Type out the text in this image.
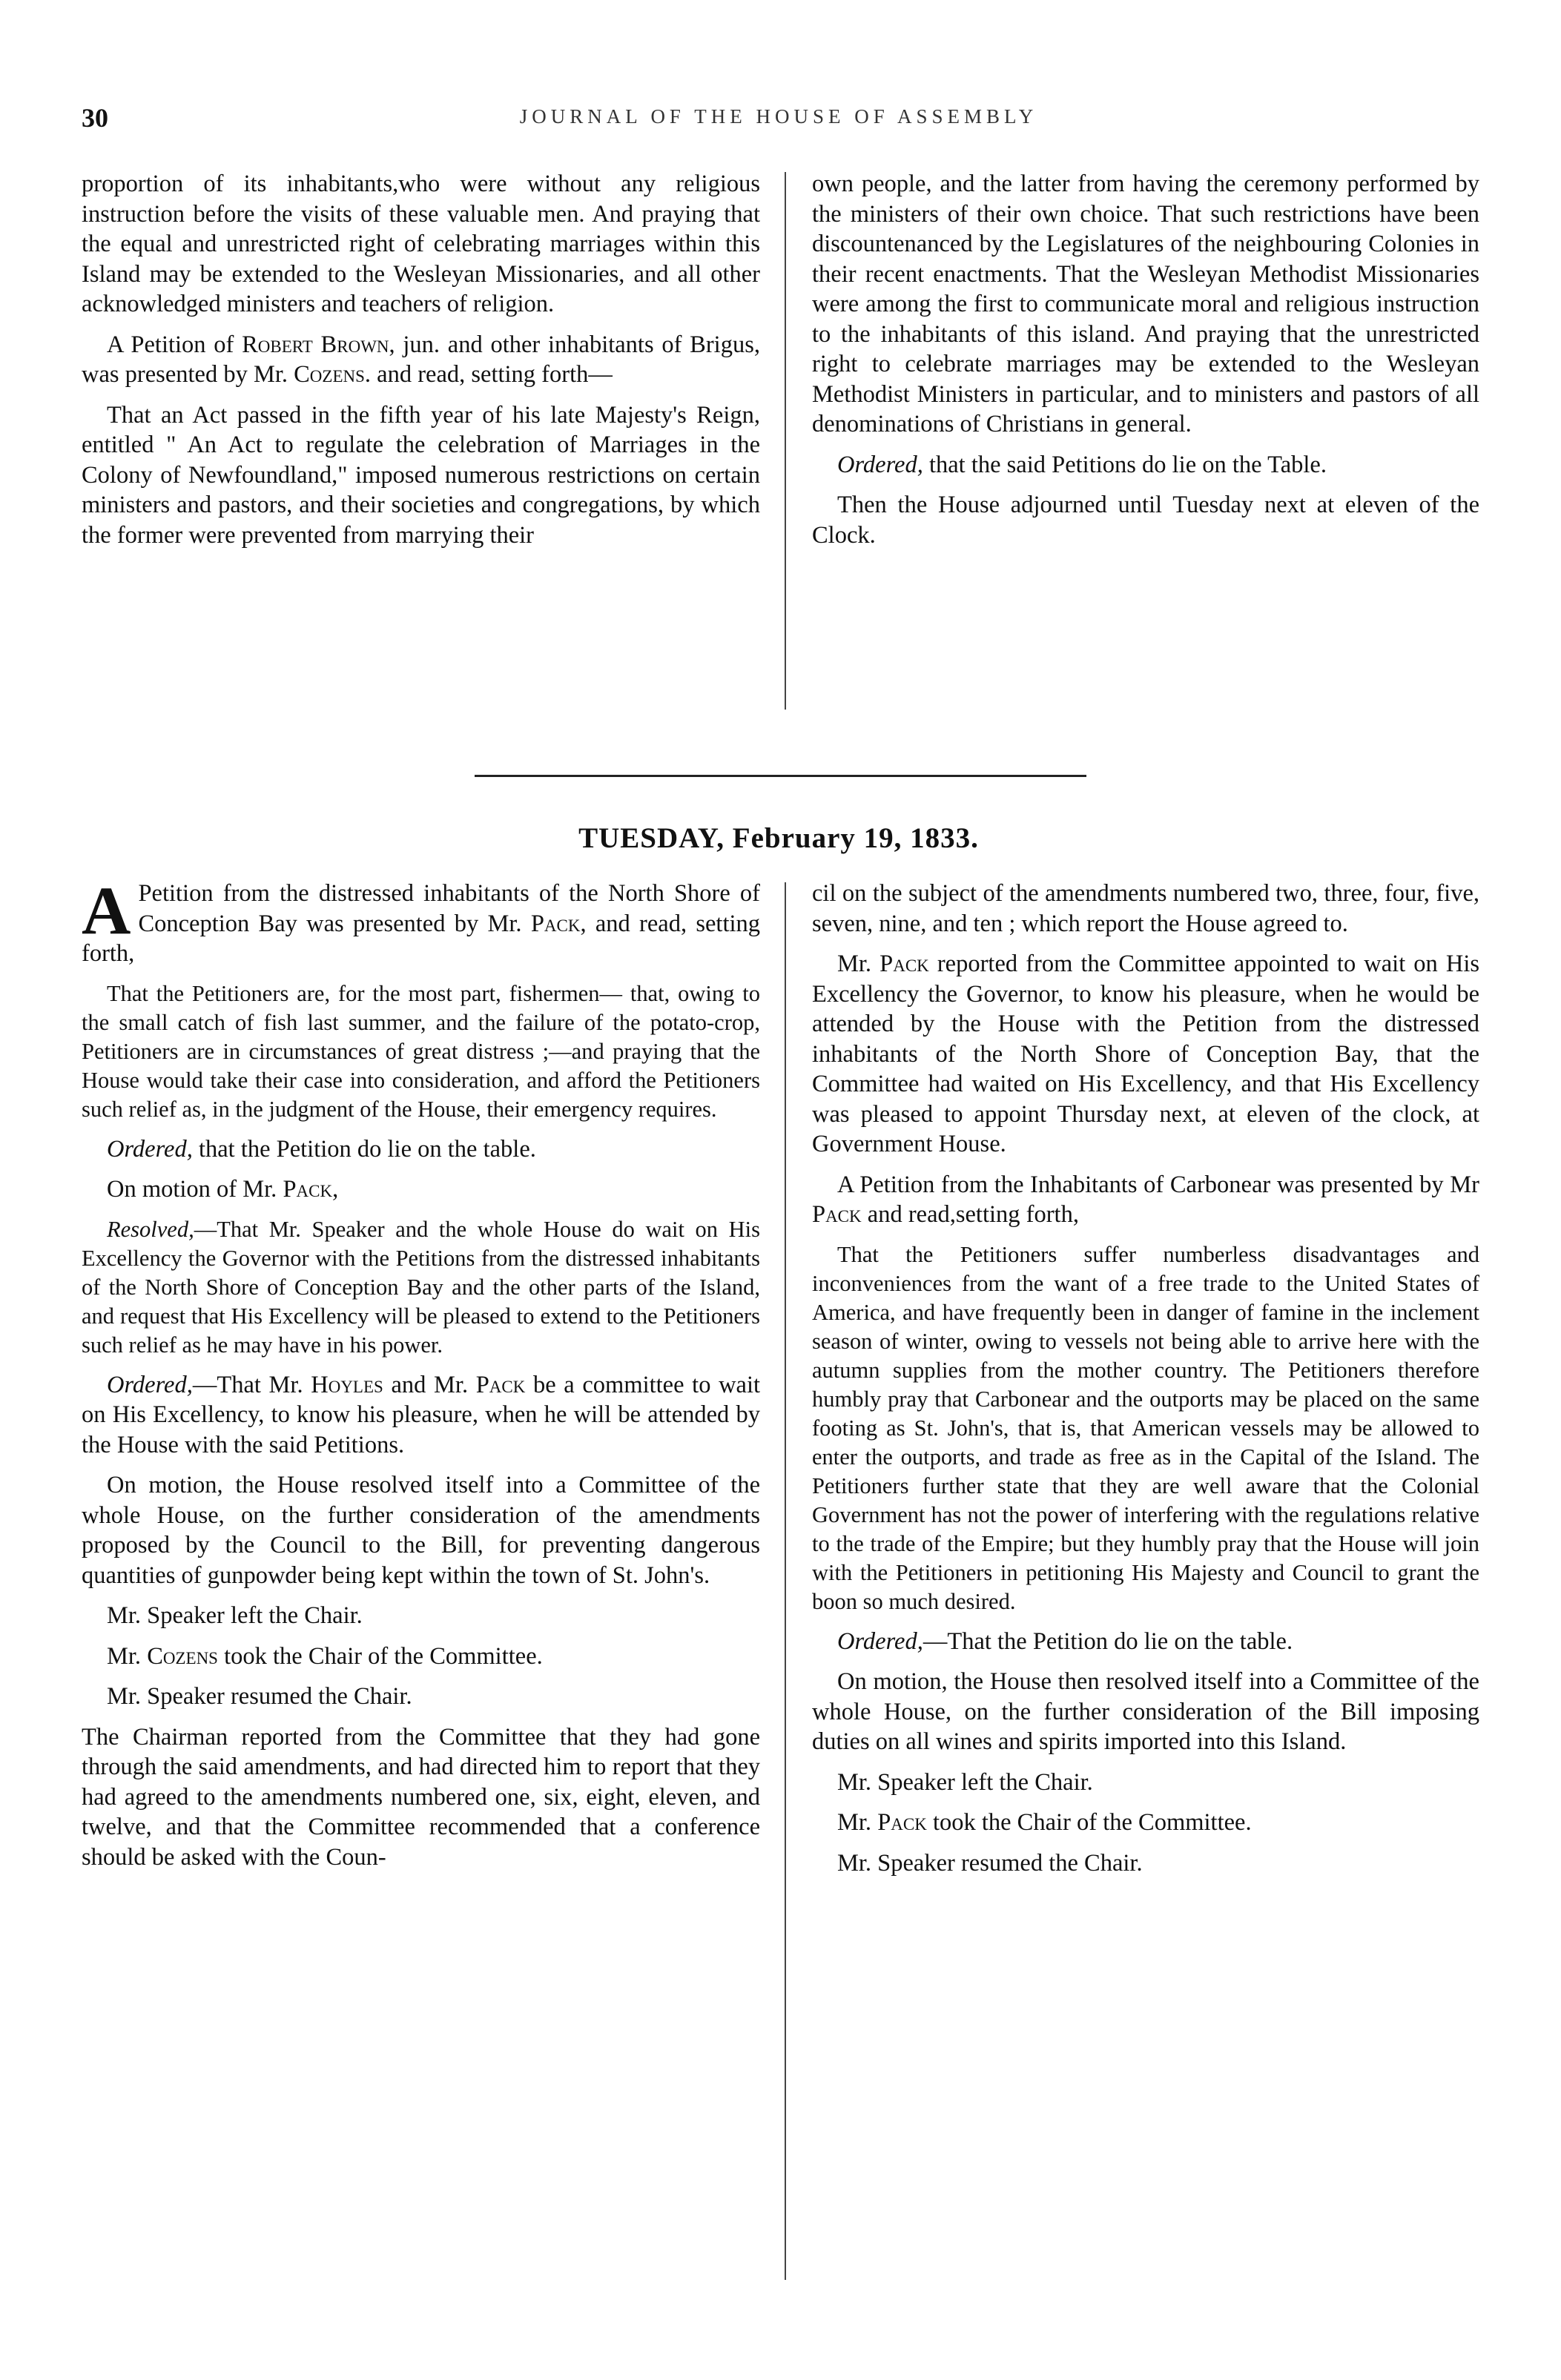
30	JOURNAL OF THE HOUSE OF ASSEMBLY

proportion of its inhabitants,who were without any religious instruction before the visits of these valuable men. And praying that the equal and unrestricted right of celebrating marriages within this Island may be extended to the Wesleyan Missionaries, and all other acknowledged ministers and teachers of religion.

A Petition of Robert Brown, jun. and other inhabitants of Brigus, was presented by Mr. Cozens. and read, setting forth—

That an Act passed in the fifth year of his late Majesty's Reign, entitled " An Act to regulate the celebration of Marriages in the Colony of Newfoundland," imposed numerous restrictions on certain ministers and pastors, and their societies and congregations, by which the former were prevented from marrying their

own people, and the latter from having the ceremony performed by the ministers of their own choice. That such restrictions have been discountenanced by the Legislatures of the neighbouring Colonies in their recent enactments. That the Wesleyan Methodist Missionaries were among the first to communicate moral and religious instruction to the inhabitants of this island. And praying that the unrestricted right to celebrate marriages may be extended to the Wesleyan Methodist Ministers in particular, and to ministers and pastors of all denominations of Christians in general.

Ordered, that the said Petitions do lie on the Table.

Then the House adjourned until Tuesday next at eleven of the Clock.

TUESDAY, February 19, 1833.

A Petition from the distressed inhabitants of the North Shore of Conception Bay was presented by Mr. Pack, and read, setting forth,

That the Petitioners are, for the most part, fishermen— that, owing to the small catch of fish last summer, and the failure of the potato-crop, Petitioners are in circumstances of great distress ;—and praying that the House would take their case into consideration, and afford the Petitioners such relief as, in the judgment of the House, their emergency requires.

Ordered, that the Petition do lie on the table.

On motion of Mr. Pack,

Resolved,—That Mr. Speaker and the whole House do wait on His Excellency the Governor with the Petitions from the distressed inhabitants of the North Shore of Conception Bay and the other parts of the Island, and request that His Excellency will be pleased to extend to the Petitioners such relief as he may have in his power.

Ordered,—That Mr. Hoyles and Mr. Pack be a committee to wait on His Excellency, to know his pleasure, when he will be attended by the House with the said Petitions.

On motion, the House resolved itself into a Committee of the whole House, on the further consideration of the amendments proposed by the Council to the Bill, for preventing dangerous quantities of gunpowder being kept within the town of St. John's.

Mr. Speaker left the Chair.

Mr. Cozens took the Chair of the Committee.

Mr. Speaker resumed the Chair.

The Chairman reported from the Committee that they had gone through the said amendments, and had directed him to report that they had agreed to the amendments numbered one, six, eight, eleven, and twelve, and that the Committee recommended that a conference should be asked with the Coun-

cil on the subject of the amendments numbered two, three, four, five, seven, nine, and ten ; which report the House agreed to.

Mr. Pack reported from the Committee appointed to wait on His Excellency the Governor, to know his pleasure, when he would be attended by the House with the Petition from the distressed inhabitants of the North Shore of Conception Bay, that the Committee had waited on His Excellency, and that His Excellency was pleased to appoint Thursday next, at eleven of the clock, at Government House.

A Petition from the Inhabitants of Carbonear was presented by Mr Pack and read,setting forth,

That the Petitioners suffer numberless disadvantages and inconveniences from the want of a free trade to the United States of America, and have frequently been in danger of famine in the inclement season of winter, owing to vessels not being able to arrive here with the autumn supplies from the mother country. The Petitioners therefore humbly pray that Carbonear and the outports may be placed on the same footing as St. John's, that is, that American vessels may be allowed to enter the outports, and trade as free as in the Capital of the Island. The Petitioners further state that they are well aware that the Colonial Government has not the power of interfering with the regulations relative to the trade of the Empire; but they humbly pray that the House will join with the Petitioners in petitioning His Majesty and Council to grant the boon so much desired.

Ordered,—That the Petition do lie on the table.

On motion, the House then resolved itself into a Committee of the whole House, on the further consideration of the Bill imposing duties on all wines and spirits imported into this Island.

Mr. Speaker left the Chair.

Mr. Pack took the Chair of the Committee.

Mr. Speaker resumed the Chair.
